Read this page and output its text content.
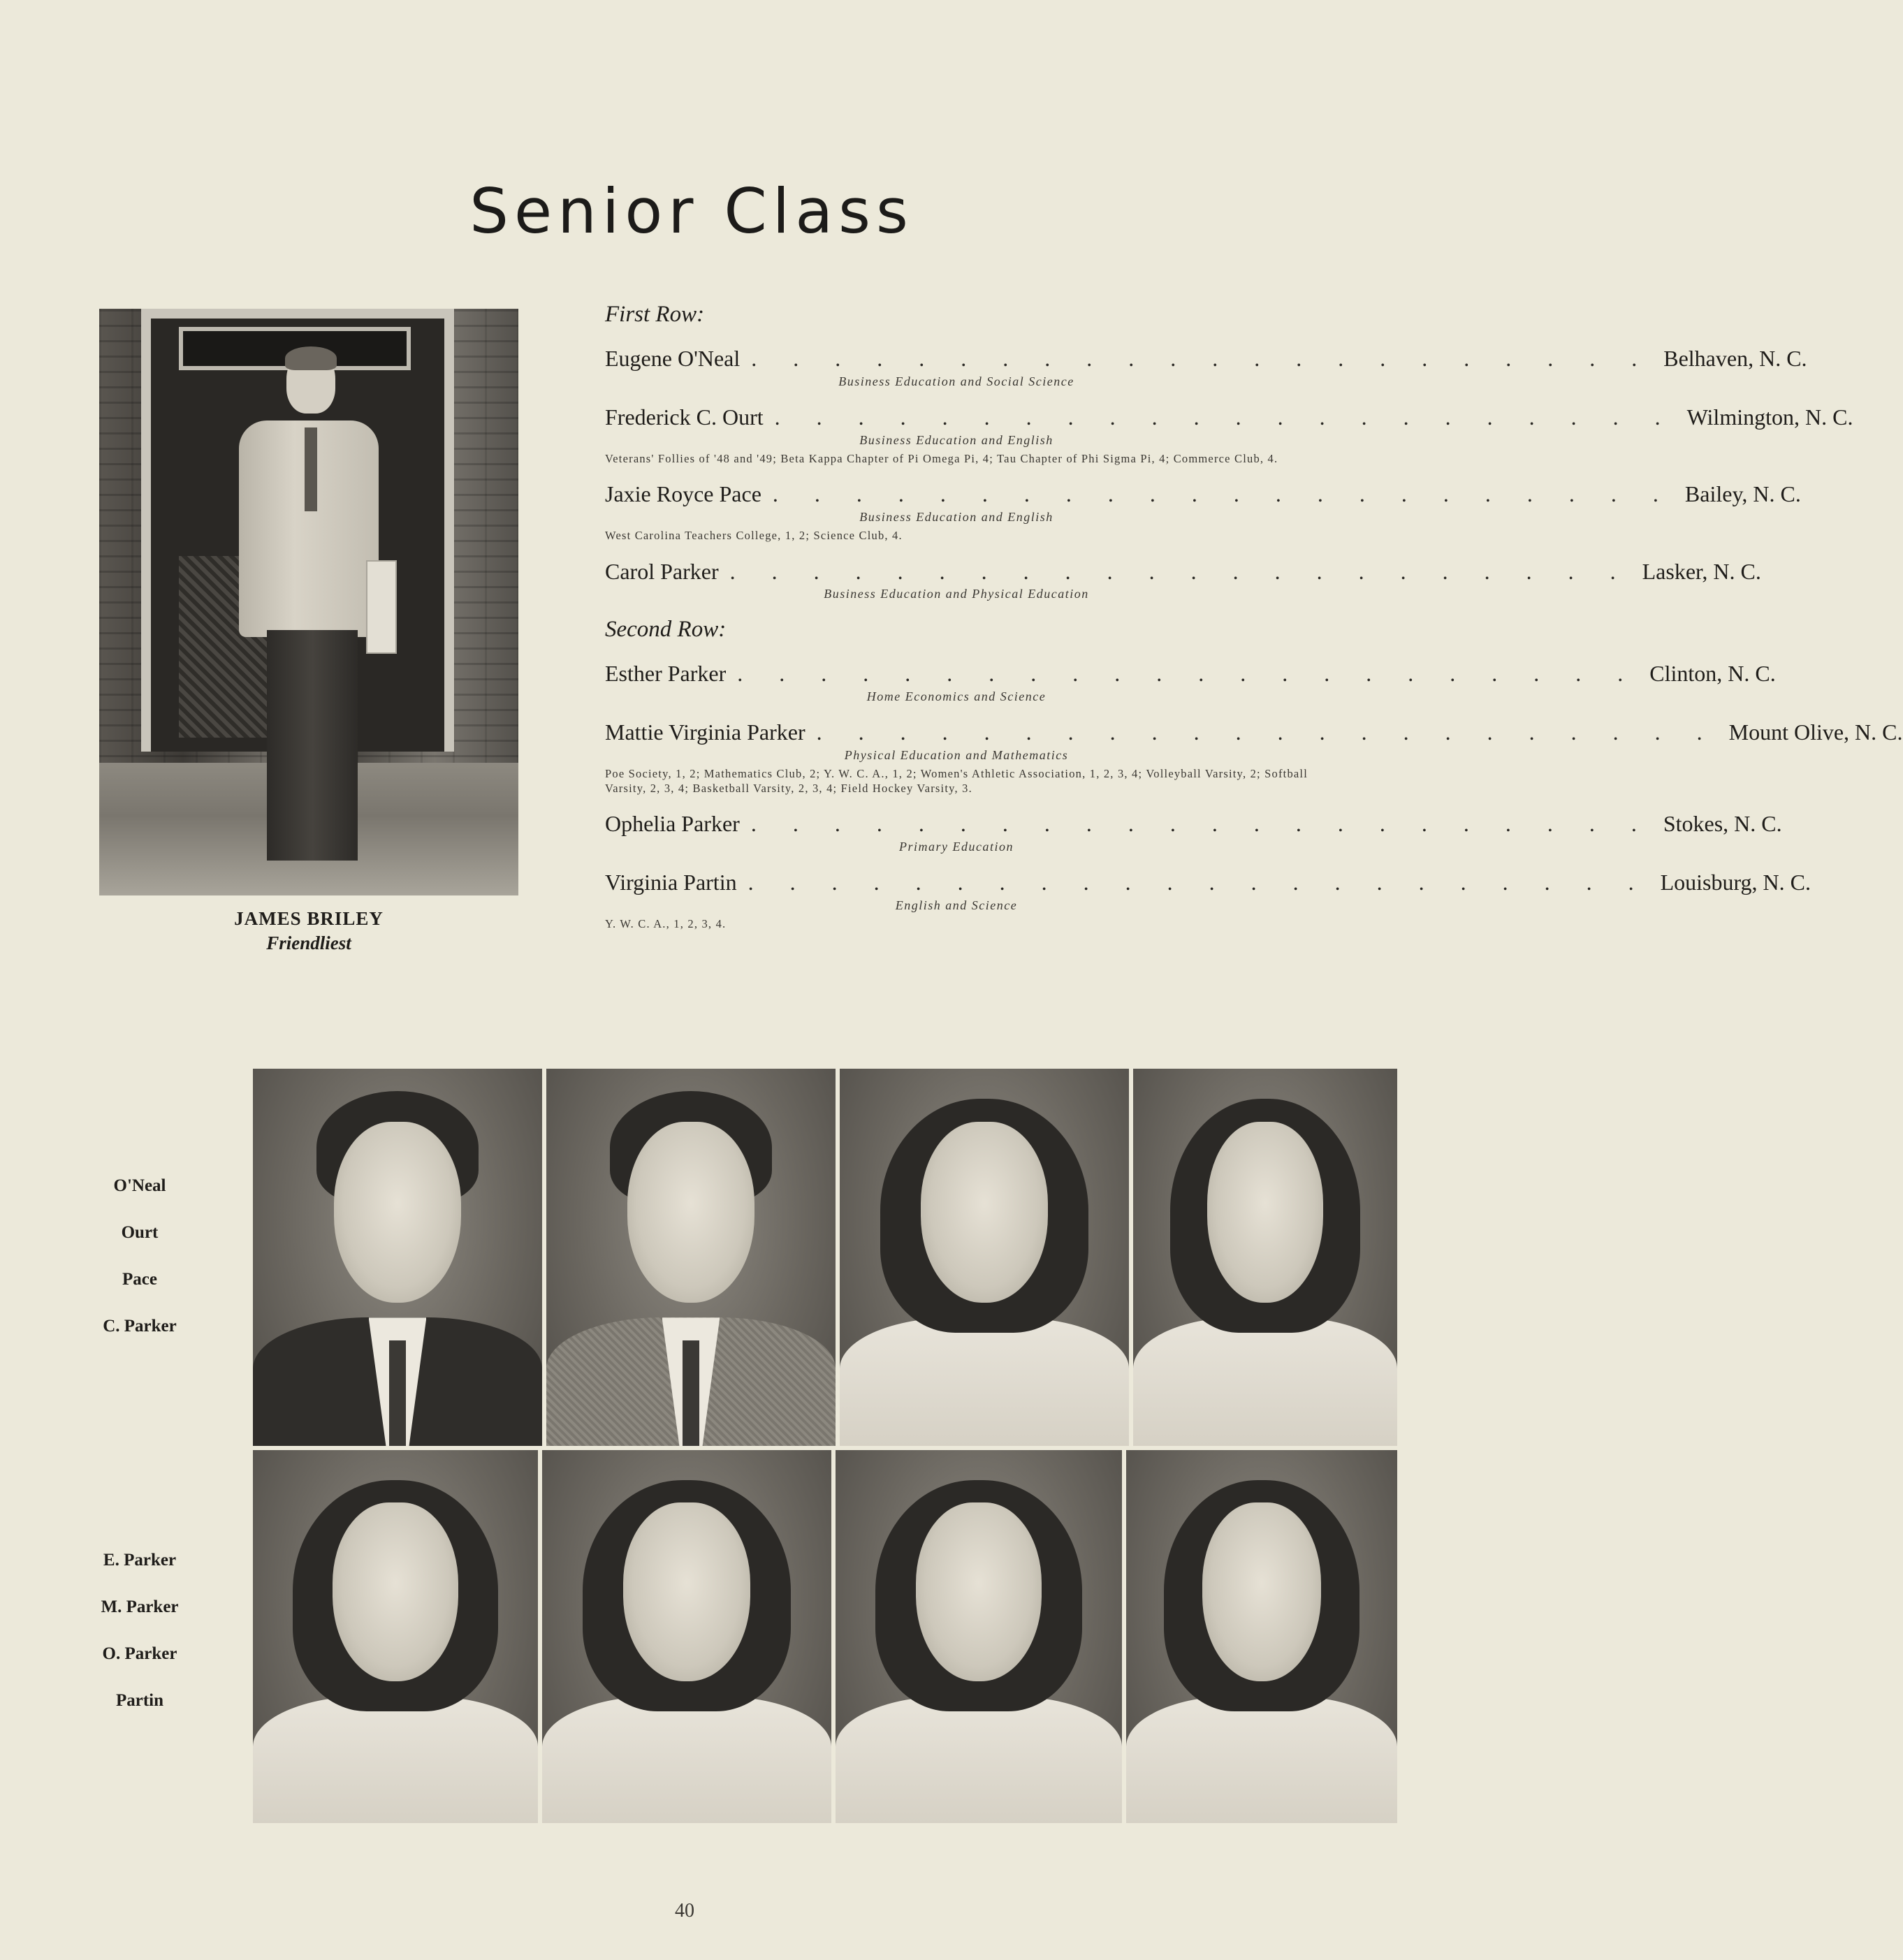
Senior Class
JAMES BRILEY
Friendliest
First Row:
Eugene O'Neal . . . . . . . . . . . . . . . . . . . . . . Belhaven, N. C.
Business Education and Social Science
Frederick C. Ourt . . . . . . . . . . . . . . . . . . . . . . Wilmington, N. C.
Business Education and English
Veterans' Follies of '48 and '49; Beta Kappa Chapter of Pi Omega Pi, 4; Tau Chapter of Phi Sigma Pi, 4; Commerce Club, 4.
Jaxie Royce Pace . . . . . . . . . . . . . . . . . . . . . . Bailey, N. C.
Business Education and English
West Carolina Teachers College, 1, 2; Science Club, 4.
Carol Parker . . . . . . . . . . . . . . . . . . . . . . Lasker, N. C.
Business Education and Physical Education
Second Row:
Esther Parker . . . . . . . . . . . . . . . . . . . . . . Clinton, N. C.
Home Economics and Science
Mattie Virginia Parker . . . . . . . . . . . . . . . . . . . . . . Mount Olive, N. C.
Physical Education and Mathematics
Poe Society, 1, 2; Mathematics Club, 2; Y. W. C. A., 1, 2; Women's Athletic Association, 1, 2, 3, 4; Volleyball Varsity, 2; Softball Varsity, 2, 3, 4; Basketball Varsity, 2, 3, 4; Field Hockey Varsity, 3.
Ophelia Parker . . . . . . . . . . . . . . . . . . . . . . Stokes, N. C.
Primary Education
Virginia Partin . . . . . . . . . . . . . . . . . . . . . . Louisburg, N. C.
English and Science
Y. W. C. A., 1, 2, 3, 4.
O'Neal
Ourt
Pace
C. Parker
E. Parker
M. Parker
O. Parker
Partin
40
